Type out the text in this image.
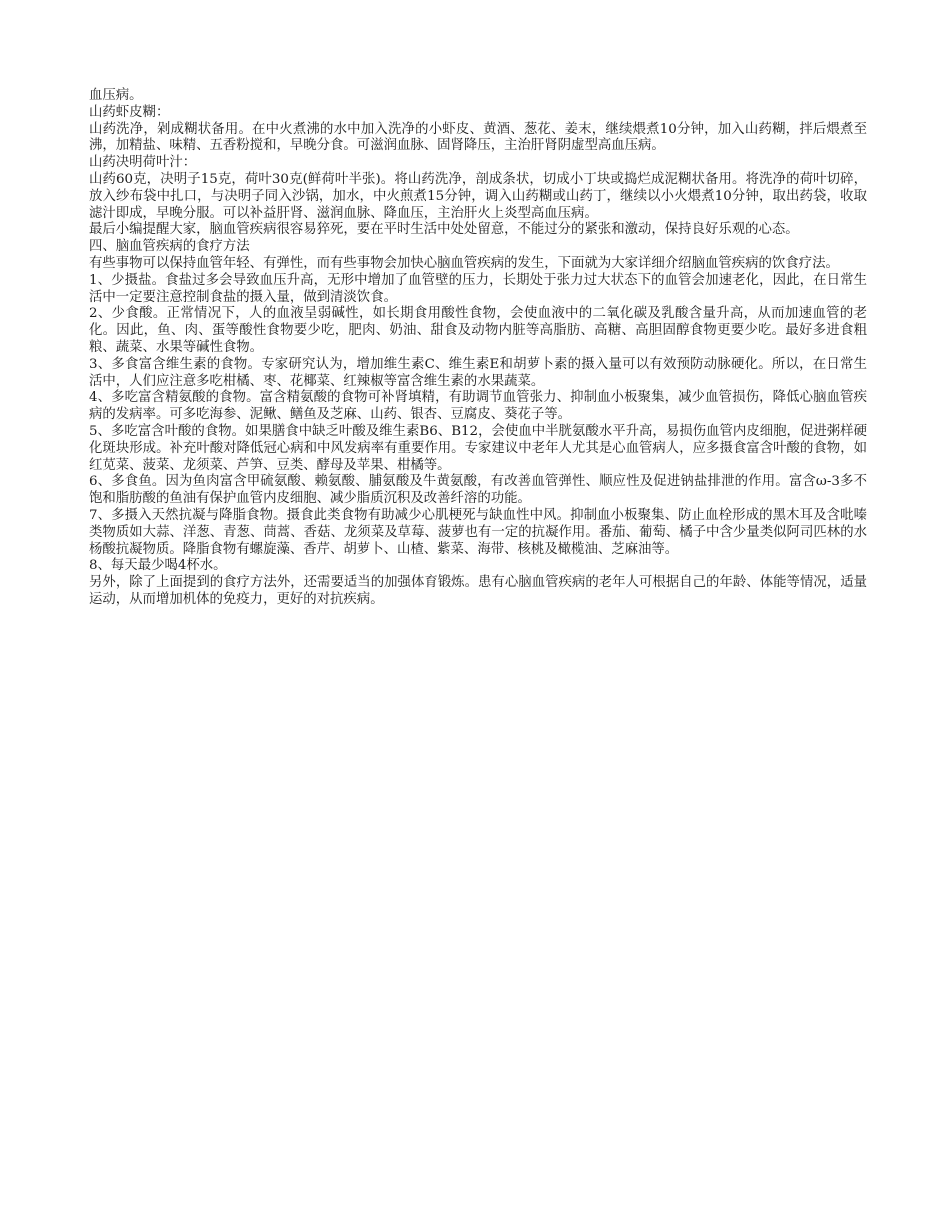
血压病。

山药虾皮糊：

山药洗净，剁成糊状备用。在中火煮沸的水中加入洗净的小虾皮、黄酒、葱花、姜末，继续煨煮10分钟，加入山药糊，拌后煨煮至沸，加精盐、味精、五香粉搅和，早晚分食。可滋润血脉、固肾降压，主治肝肾阴虚型高血压病。

山药决明荷叶汁：

山药60克，决明子15克，荷叶30克(鲜荷叶半张)。将山药洗净，剖成条状，切成小丁块或捣烂成泥糊状备用。将洗净的荷叶切碎，放入纱布袋中扎口，与决明子同入沙锅，加水，中火煎煮15分钟，调入山药糊或山药丁，继续以小火煨煮10分钟，取出药袋，收取滤汁即成，早晚分服。可以补益肝肾、滋润血脉、降血压，主治肝火上炎型高血压病。

最后小编提醒大家，脑血管疾病很容易猝死，要在平时生活中处处留意，不能过分的紧张和激动，保持良好乐观的心态。

四、脑血管疾病的食疗方法

有些事物可以保持血管年轻、有弹性，而有些事物会加快心脑血管疾病的发生，下面就为大家详细介绍脑血管疾病的饮食疗法。

1、少摄盐。食盐过多会导致血压升高，无形中增加了血管壁的压力，长期处于张力过大状态下的血管会加速老化，因此，在日常生活中一定要注意控制食盐的摄入量，做到清淡饮食。

2、少食酸。正常情况下，人的血液呈弱碱性，如长期食用酸性食物，会使血液中的二氧化碳及乳酸含量升高，从而加速血管的老化。因此，鱼、肉、蛋等酸性食物要少吃，肥肉、奶油、甜食及动物内脏等高脂肪、高糖、高胆固醇食物更要少吃。最好多进食粗粮、蔬菜、水果等碱性食物。

3、多食富含维生素的食物。专家研究认为，增加维生素C、维生素E和胡萝卜素的摄入量可以有效预防动脉硬化。所以，在日常生活中，人们应注意多吃柑橘、枣、花椰菜、红辣椒等富含维生素的水果蔬菜。

4、多吃富含精氨酸的食物。富含精氨酸的食物可补肾填精，有助调节血管张力、抑制血小板聚集，减少血管损伤，降低心脑血管疾病的发病率。可多吃海参、泥鳅、鳝鱼及芝麻、山药、银杏、豆腐皮、葵花子等。

5、多吃富含叶酸的食物。如果膳食中缺乏叶酸及维生素B6、B12，会使血中半胱氨酸水平升高，易损伤血管内皮细胞，促进粥样硬化斑块形成。补充叶酸对降低冠心病和中风发病率有重要作用。专家建议中老年人尤其是心血管病人，应多摄食富含叶酸的食物，如红苋菜、菠菜、龙须菜、芦笋、豆类、酵母及苹果、柑橘等。

6、多食鱼。因为鱼肉富含甲硫氨酸、赖氨酸、脯氨酸及牛黄氨酸，有改善血管弹性、顺应性及促进钠盐排泄的作用。富含ω-3多不饱和脂肪酸的鱼油有保护血管内皮细胞、减少脂质沉积及改善纤溶的功能。

7、多摄入天然抗凝与降脂食物。摄食此类食物有助减少心肌梗死与缺血性中风。抑制血小板聚集、防止血栓形成的黑木耳及含吡嗪类物质如大蒜、洋葱、青葱、茼蒿、香菇、龙须菜及草莓、菠萝也有一定的抗凝作用。番茄、葡萄、橘子中含少量类似阿司匹林的水杨酸抗凝物质。降脂食物有螺旋藻、香芹、胡萝卜、山楂、紫菜、海带、核桃及橄榄油、芝麻油等。

8、每天最少喝4杯水。

另外，除了上面提到的食疗方法外，还需要适当的加强体育锻炼。患有心脑血管疾病的老年人可根据自己的年龄、体能等情况，适量运动，从而增加机体的免疫力，更好的对抗疾病。
